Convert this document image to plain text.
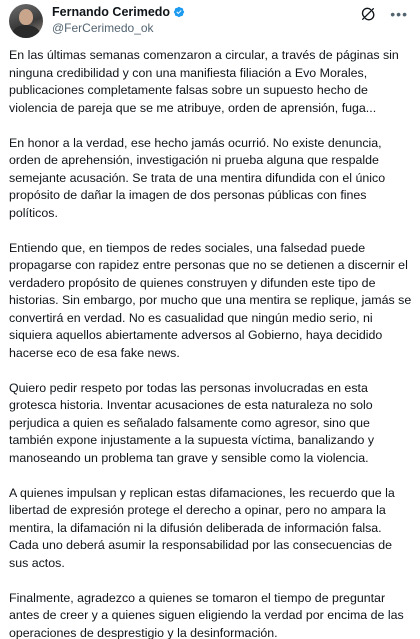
Fernando Cerimedo
@FerCerimedo_ok
•••

En las últimas semanas comenzaron a circular, a través de páginas sin ninguna credibilidad y con una manifiesta filiación a Evo Morales, publicaciones completamente falsas sobre un supuesto hecho de violencia de pareja que se me atribuye, orden de aprensión, fuga...

En honor a la verdad, ese hecho jamás ocurrió. No existe denuncia, orden de aprehensión, investigación ni prueba alguna que respalde semejante acusación. Se trata de una mentira difundida con el único propósito de dañar la imagen de dos personas públicas con fines políticos.

Entiendo que, en tiempos de redes sociales, una falsedad puede propagarse con rapidez entre personas que no se detienen a discernir el verdadero propósito de quienes construyen y difunden este tipo de historias. Sin embargo, por mucho que una mentira se replique, jamás se convertirá en verdad. No es casualidad que ningún medio serio, ni siquiera aquellos abiertamente adversos al Gobierno, haya decidido hacerse eco de esa fake news.

Quiero pedir respeto por todas las personas involucradas en esta grotesca historia. Inventar acusaciones de esta naturaleza no solo perjudica a quien es señalado falsamente como agresor, sino que también expone injustamente a la supuesta víctima, banalizando y manoseando un problema tan grave y sensible como la violencia.

A quienes impulsan y replican estas difamaciones, les recuerdo que la libertad de expresión protege el derecho a opinar, pero no ampara la mentira, la difamación ni la difusión deliberada de información falsa. Cada uno deberá asumir la responsabilidad por las consecuencias de sus actos.

Finalmente, agradezco a quienes se tomaron el tiempo de preguntar antes de creer y a quienes siguen eligiendo la verdad por encima de las operaciones de desprestigio y la desinformación.
